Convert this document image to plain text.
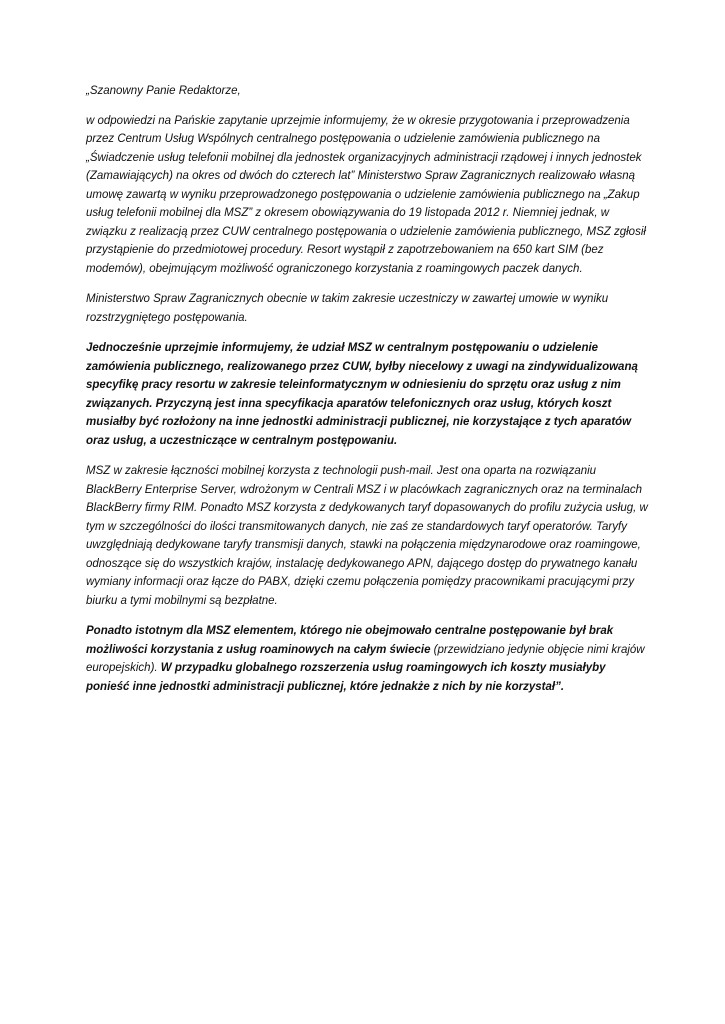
„Szanowny Panie Redaktorze,

w odpowiedzi na Pańskie zapytanie uprzejmie informujemy, że w okresie przygotowania i przeprowadzenia przez Centrum Usług Wspólnych centralnego postępowania o udzielenie zamówienia publicznego na „Świadczenie usług telefonii mobilnej dla jednostek organizacyjnych administracji rządowej i innych jednostek (Zamawiających) na okres od dwóch do czterech lat” Ministerstwo Spraw Zagranicznych realizowało własną umowę zawartą w wyniku przeprowadzonego postępowania o udzielenie zamówienia publicznego na „Zakup usług telefonii mobilnej dla MSZ” z okresem obowiązywania do 19 listopada 2012 r. Niemniej jednak, w związku z realizacją przez CUW centralnego postępowania o udzielenie zamówienia publicznego, MSZ zgłosił przystąpienie do przedmiotowej procedury. Resort wystąpił z zapotrzebowaniem na 650 kart SIM (bez modemów), obejmującym możliwość ograniczonego korzystania z roamingowych paczek danych.

Ministerstwo Spraw Zagranicznych obecnie w takim zakresie uczestniczy w zawartej umowie w wyniku rozstrzygniętego postępowania.

Jednocześnie uprzejmie informujemy, że udział MSZ w centralnym postępowaniu o udzielenie zamówienia publicznego, realizowanego przez CUW, byłby niecelowy z uwagi na zindywidualizowaną specyfikę pracy resortu w zakresie teleinformatycznym w odniesieniu do sprzętu oraz usług z nim związanych. Przyczyną jest inna specyfikacja aparatów telefonicznych oraz usług, których koszt musiałby być rozłożony na inne jednostki administracji publicznej, nie korzystające z tych aparatów oraz usług, a uczestniczące w centralnym postępowaniu.

MSZ w zakresie łączności mobilnej korzysta z technologii push-mail. Jest ona oparta na rozwiązaniu BlackBerry Enterprise Server, wdrożonym w Centrali MSZ i w placówkach zagranicznych oraz na terminalach BlackBerry firmy RIM. Ponadto MSZ korzysta z dedykowanych taryf dopasowanych do profilu zużycia usług, w tym w szczególności do ilości transmitowanych danych, nie zaś ze standardowych taryf operatorów. Taryfy uwzględniają dedykowane taryfy transmisji danych, stawki na połączenia międzynarodowe oraz roamingowe, odnoszące się do wszystkich krajów, instalację dedykowanego APN, dającego dostęp do prywatnego kanału wymiany informacji oraz łącze do PABX, dzięki czemu połączenia pomiędzy pracownikami pracującymi przy biurku a tymi mobilnymi są bezpłatne.

Ponadto istotnym dla MSZ elementem, którego nie obejmowało centralne postępowanie był brak możliwości korzystania z usług roaminowych na całym świecie (przewidziano jedynie objęcie nimi krajów europejskich). W przypadku globalnego rozszerzenia usług roamingowych ich koszty musiałyby ponieść inne jednostki administracji publicznej, które jednakże z nich by nie korzystał”.
